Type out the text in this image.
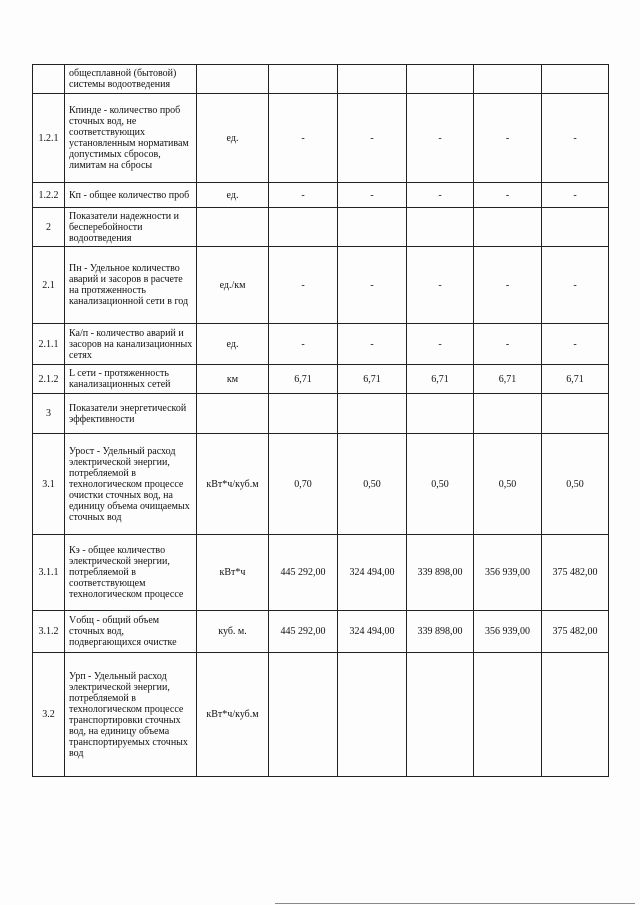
	общесплавной (бытовой) системы водоотведения						
1.2.1	Кпинде - количество проб сточных вод, не соответствующих установленным нормативам допустимых сбросов, лимитам на сбросы	ед.	-	-	-	-	-
1.2.2	Кп - общее количество проб	ед.	-	-	-	-	-
2	Показатели надежности и бесперебойности водоотведения						
2.1	Пн - Удельное количество аварий и засоров в расчете на протяженность канализационной сети в год	ед./км	-	-	-	-	-
2.1.1	Ка/п - количество аварий и засоров на канализационных сетях	ед.	-	-	-	-	-
2.1.2	L сети - протяженность канализационных сетей	км	6,71	6,71	6,71	6,71	6,71
3	Показатели энергетической эффективности						
3.1	Урост - Удельный расход электрической энергии, потребляемой в технологическом процессе очистки сточных вод, на единицу объема очищаемых сточных вод	кВт*ч/куб.м	0,70	0,50	0,50	0,50	0,50
3.1.1	Кэ - общее количество электрической энергии, потребляемой в соответствующем технологическом процессе	кВт*ч	445 292,00	324 494,00	339 898,00	356 939,00	375 482,00
3.1.2	Vобщ - общий объем сточных вод, подвергающихся очистке	куб. м.	445 292,00	324 494,00	339 898,00	356 939,00	375 482,00
3.2	Урп - Удельный расход электрической энергии, потребляемой в технологическом процессе транспортировки сточных вод, на единицу объема транспортируемых сточных вод	кВт*ч/куб.м					
